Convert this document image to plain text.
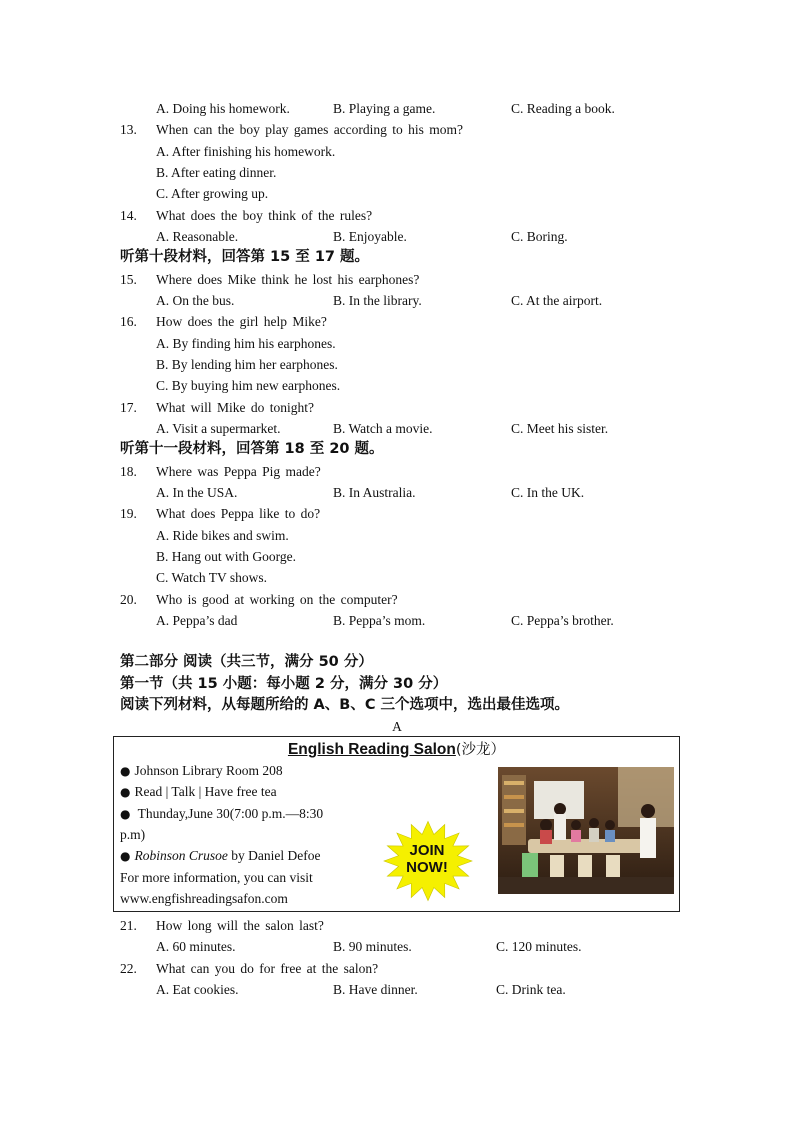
A. Doing his homework.	B. Playing a game.	C. Reading a book.
13. When can the boy play games according to his mom?
A. After finishing his homework.
B. After eating dinner.
C. After growing up.
14. What does the boy think of the rules?
A. Reasonable.	B. Enjoyable.	C. Boring.
听第十段材料，回答第 15 至 17 题。
15. Where does Mike think he lost his earphones?
A. On the bus.	B. In the library.	C. At the airport.
16. How does the girl help Mike?
A. By finding him his earphones.
B. By lending him her earphones.
C. By buying him new earphones.
17. What will Mike do tonight?
A. Visit a supermarket.	B. Watch a movie.	C. Meet his sister.
听第十一段材料，回答第 18 至 20 题。
18. Where was Peppa Pig made?
A. In the USA.	B. In Australia.	C. In the UK.
19. What does Peppa like to do?
A. Ride bikes and swim.
B. Hang out with Goorge.
C. Watch TV shows.
20. Who is good at working on the computer?
A. Peppa’s dad	B. Peppa’s mom.	C. Peppa’s brother.
第二部分 阅读（共三节，满分 50 分）
第一节（共 15 小题：每小题 2 分，满分 30 分）
阅读下列材料，从每题所给的 A、B、C 三个选项中，选出最佳选项。
A
English Reading Salon(沙龙）
● Johnson Library Room 208
● Read | Talk | Have free tea
● Thunday,June 30(7:00 p.m.—8:30
p.m)
● Robinson Crusoe by Daniel Defoe
For more information, you can visit
www.engfishreadingsafon.com
JOIN
NOW!
21. How long will the salon last?
A. 60 minutes.	B. 90 minutes.	C. 120 minutes.
22. What can you do for free at the salon?
A. Eat cookies.	B. Have dinner.	C. Drink tea.
